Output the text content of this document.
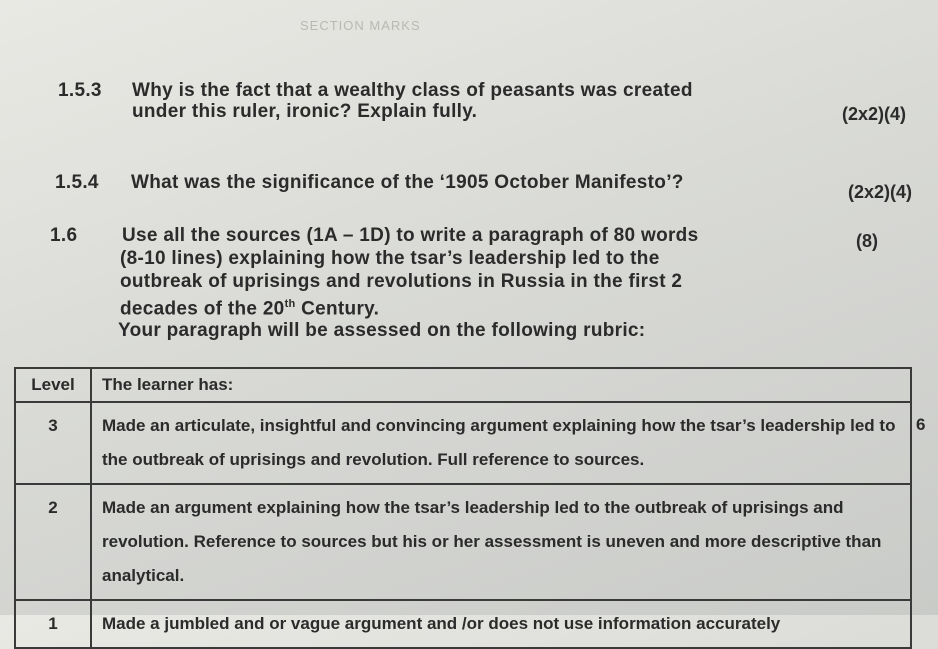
SECTION MARKS
1.5.3 Why is the fact that a wealthy class of peasants was created
under this ruler, ironic? Explain fully.	(2x2)(4)
1.5.4 What was the significance of the ‘1905 October Manifesto’?	(2x2)(4)
1.6 Use all the sources (1A – 1D) to write a paragraph of 80 words
(8-10 lines) explaining how the tsar’s leadership led to the
outbreak of uprisings and revolutions in Russia in the first 2
decades of the 20th Century.
Your paragraph will be assessed on the following rubric:
(8)
Level	The learner has:	
3	Made an articulate, insightful and convincing argument explaining how the tsar’s leadership led to the outbreak of uprisings and revolution. Full reference to sources.	6
2	Made an argument explaining how the tsar’s leadership led to the outbreak of uprisings and revolution. Reference to sources but his or her assessment is uneven and more descriptive than analytical.	
1	Made a jumbled and or vague argument and /or does not use information accurately	
